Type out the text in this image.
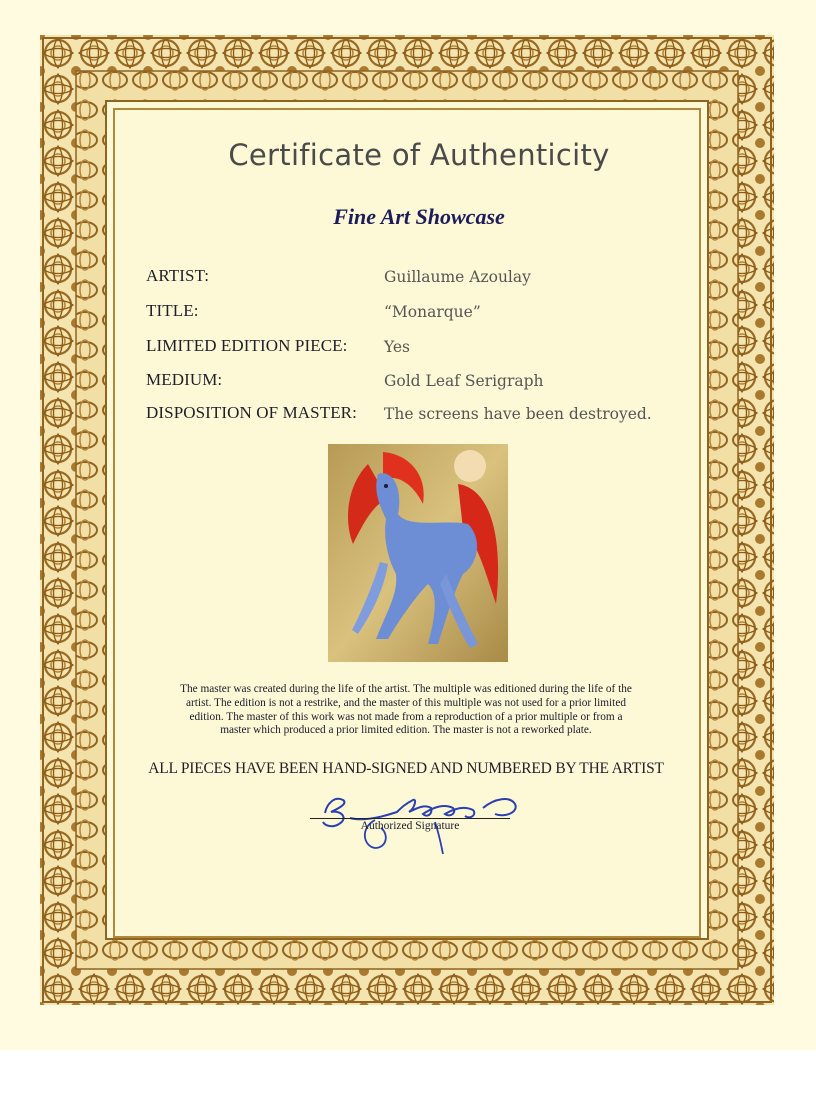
Certificate of Authenticity
Fine Art Showcase
ARTIST:	Guillaume Azoulay
TITLE:	“Monarque”
LIMITED EDITION PIECE: Yes
MEDIUM:	Gold Leaf Serigraph
DISPOSITION OF MASTER: The screens have been destroyed.
The master was created during the life of the artist. The multiple was editioned during the life of the
artist. The edition is not a restrike, and the master of this multiple was not used for a prior limited
edition. The master of this work was not made from a reproduction of a prior multiple or from a
master which produced a prior limited edition. The master is not a reworked plate.
ALL PIECES HAVE BEEN HAND-SIGNED AND NUMBERED BY THE ARTIST
Authorized Signature
